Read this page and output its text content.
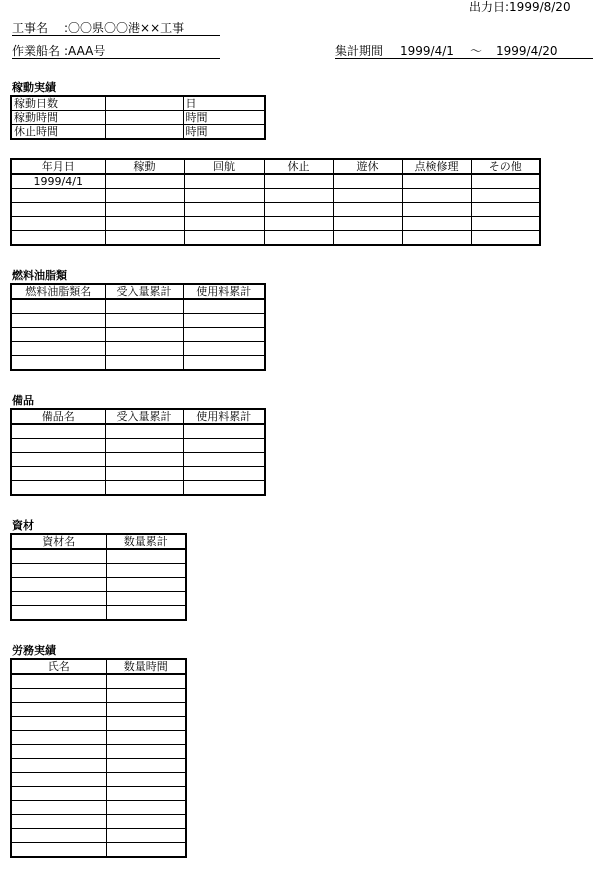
出力日:1999/8/20
工事名 :〇〇県〇〇港××工事
作業船名 :AAA号	集計期間 1999/4/1 〜 1999/4/20
稼動実績
稼動日数		日
稼動時間		時間
休止時間		時間
年月日	稼動	回航	休止	遊休	点検修理	その他
1999/4/1						

燃料油脂類
燃料油脂類名	受入量累計	使用料累計

備品
備品名	受入量累計	使用料累計

資材
資材名	数量累計

労務実績
氏名	数量時間
